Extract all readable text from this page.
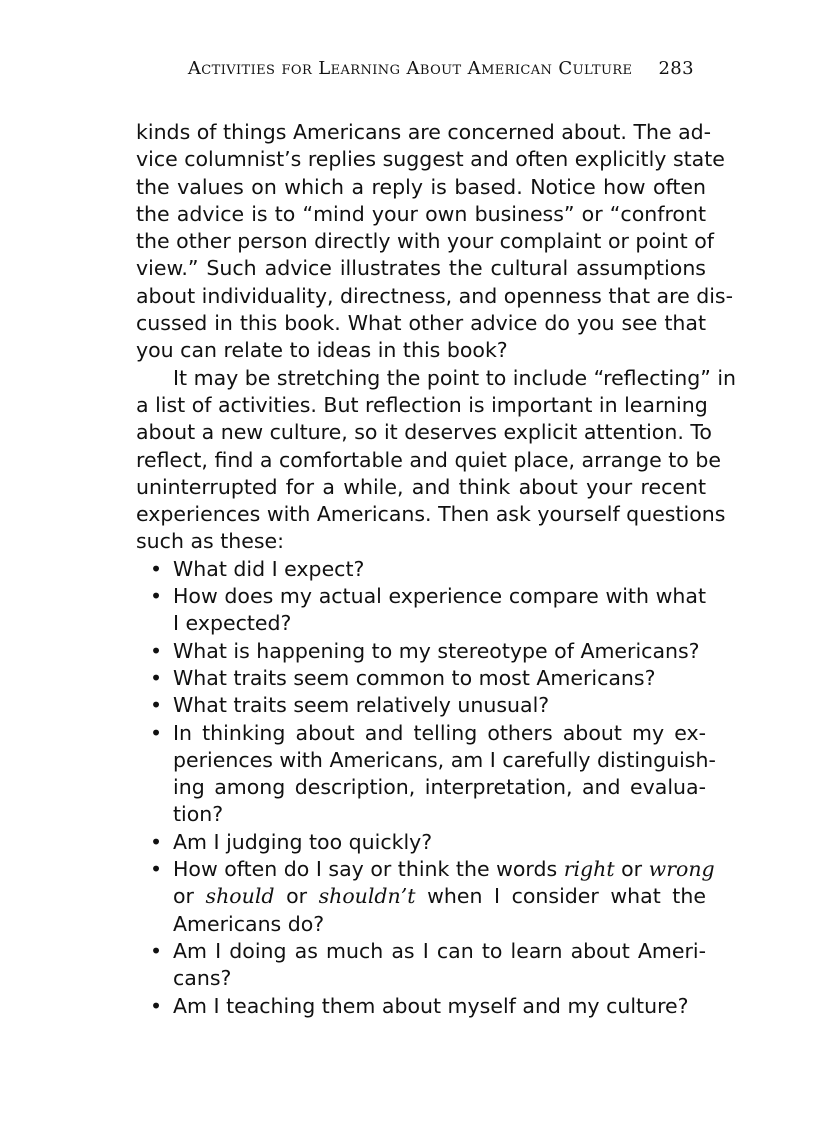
Activities for Learning About American Culture 283
kinds of things Americans are concerned about. The ad-
vice columnist’s replies suggest and often explicitly state
the values on which a reply is based. Notice how often
the advice is to “mind your own business” or “confront
the other person directly with your complaint or point of
view.” Such advice illustrates the cultural assumptions
about individuality, directness, and openness that are dis-
cussed in this book. What other advice do you see that
you can relate to ideas in this book?
It may be stretching the point to include “reflecting” in
a list of activities. But reflection is important in learning
about a new culture, so it deserves explicit attention. To
reflect, find a comfortable and quiet place, arrange to be
uninterrupted for a while, and think about your recent
experiences with Americans. Then ask yourself questions
such as these:
• What did I expect?
• How does my actual experience compare with what
I expected?
• What is happening to my stereotype of Americans?
• What traits seem common to most Americans?
• What traits seem relatively unusual?
• In thinking about and telling others about my ex-
periences with Americans, am I carefully distinguish-
ing among description, interpretation, and evalua-
tion?
• Am I judging too quickly?
• How often do I say or think the words right or wrong
or should or shouldn’t when I consider what the
Americans do?
• Am I doing as much as I can to learn about Ameri-
cans?
• Am I teaching them about myself and my culture?
